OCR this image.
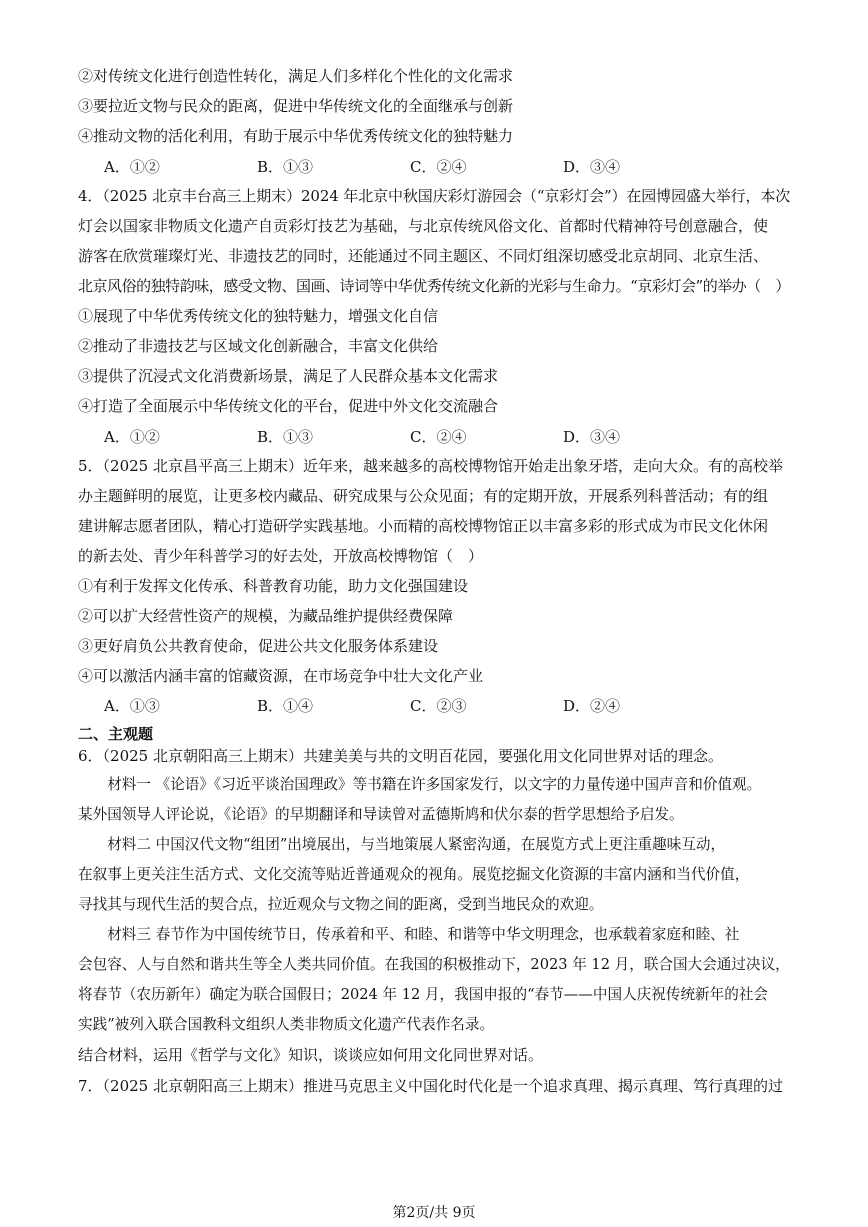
②对传统文化进行创造性转化，满足人们多样化个性化的文化需求
③要拉近文物与民众的距离，促进中华传统文化的全面继承与创新
④推动文物的活化利用，有助于展示中华优秀传统文化的独特魅力
A．①②	B．①③	C．②④	D．③④
4．（2025 北京丰台高三上期末）2024 年北京中秋国庆彩灯游园会（“京彩灯会”）在园博园盛大举行，本次
灯会以国家非物质文化遗产自贡彩灯技艺为基础，与北京传统风俗文化、首都时代精神符号创意融合，使
游客在欣赏璀璨灯光、非遗技艺的同时，还能通过不同主题区、不同灯组深切感受北京胡同、北京生活、
北京风俗的独特韵味，感受文物、国画、诗词等中华优秀传统文化新的光彩与生命力。“京彩灯会”的举办（　）
①展现了中华优秀传统文化的独特魅力，增强文化自信
②推动了非遗技艺与区域文化创新融合，丰富文化供给
③提供了沉浸式文化消费新场景，满足了人民群众基本文化需求
④打造了全面展示中华传统文化的平台，促进中外文化交流融合
A．①②	B．①③	C．②④	D．③④
5．（2025 北京昌平高三上期末）近年来，越来越多的高校博物馆开始走出象牙塔，走向大众。有的高校举
办主题鲜明的展览，让更多校内藏品、研究成果与公众见面；有的定期开放，开展系列科普活动；有的组
建讲解志愿者团队，精心打造研学实践基地。小而精的高校博物馆正以丰富多彩的形式成为市民文化休闲
的新去处、青少年科普学习的好去处，开放高校博物馆（　）
①有利于发挥文化传承、科普教育功能，助力文化强国建设
②可以扩大经营性资产的规模，为藏品维护提供经费保障
③更好肩负公共教育使命，促进公共文化服务体系建设
④可以激活内涵丰富的馆藏资源，在市场竞争中壮大文化产业
A．①③	B．①④	C．②③	D．②④
二、主观题
6．（2025 北京朝阳高三上期末）共建美美与共的文明百花园，要强化用文化同世界对话的理念。
　　材料一 《论语》《习近平谈治国理政》等书籍在许多国家发行，以文字的力量传递中国声音和价值观。
某外国领导人评论说，《论语》的早期翻译和导读曾对孟德斯鸠和伏尔泰的哲学思想给予启发。
　　材料二 中国汉代文物“组团”出境展出，与当地策展人紧密沟通，在展览方式上更注重趣味互动，
在叙事上更关注生活方式、文化交流等贴近普通观众的视角。展览挖掘文化资源的丰富内涵和当代价值，
寻找其与现代生活的契合点，拉近观众与文物之间的距离，受到当地民众的欢迎。
　　材料三 春节作为中国传统节日，传承着和平、和睦、和谐等中华文明理念，也承载着家庭和睦、社
会包容、人与自然和谐共生等全人类共同价值。在我国的积极推动下，2023 年 12 月，联合国大会通过决议，
将春节（农历新年）确定为联合国假日；2024 年 12 月，我国申报的“春节——中国人庆祝传统新年的社会
实践”被列入联合国教科文组织人类非物质文化遗产代表作名录。
结合材料，运用《哲学与文化》知识，谈谈应如何用文化同世界对话。
7．（2025 北京朝阳高三上期末）推进马克思主义中国化时代化是一个追求真理、揭示真理、笃行真理的过
第2页/共 9页
